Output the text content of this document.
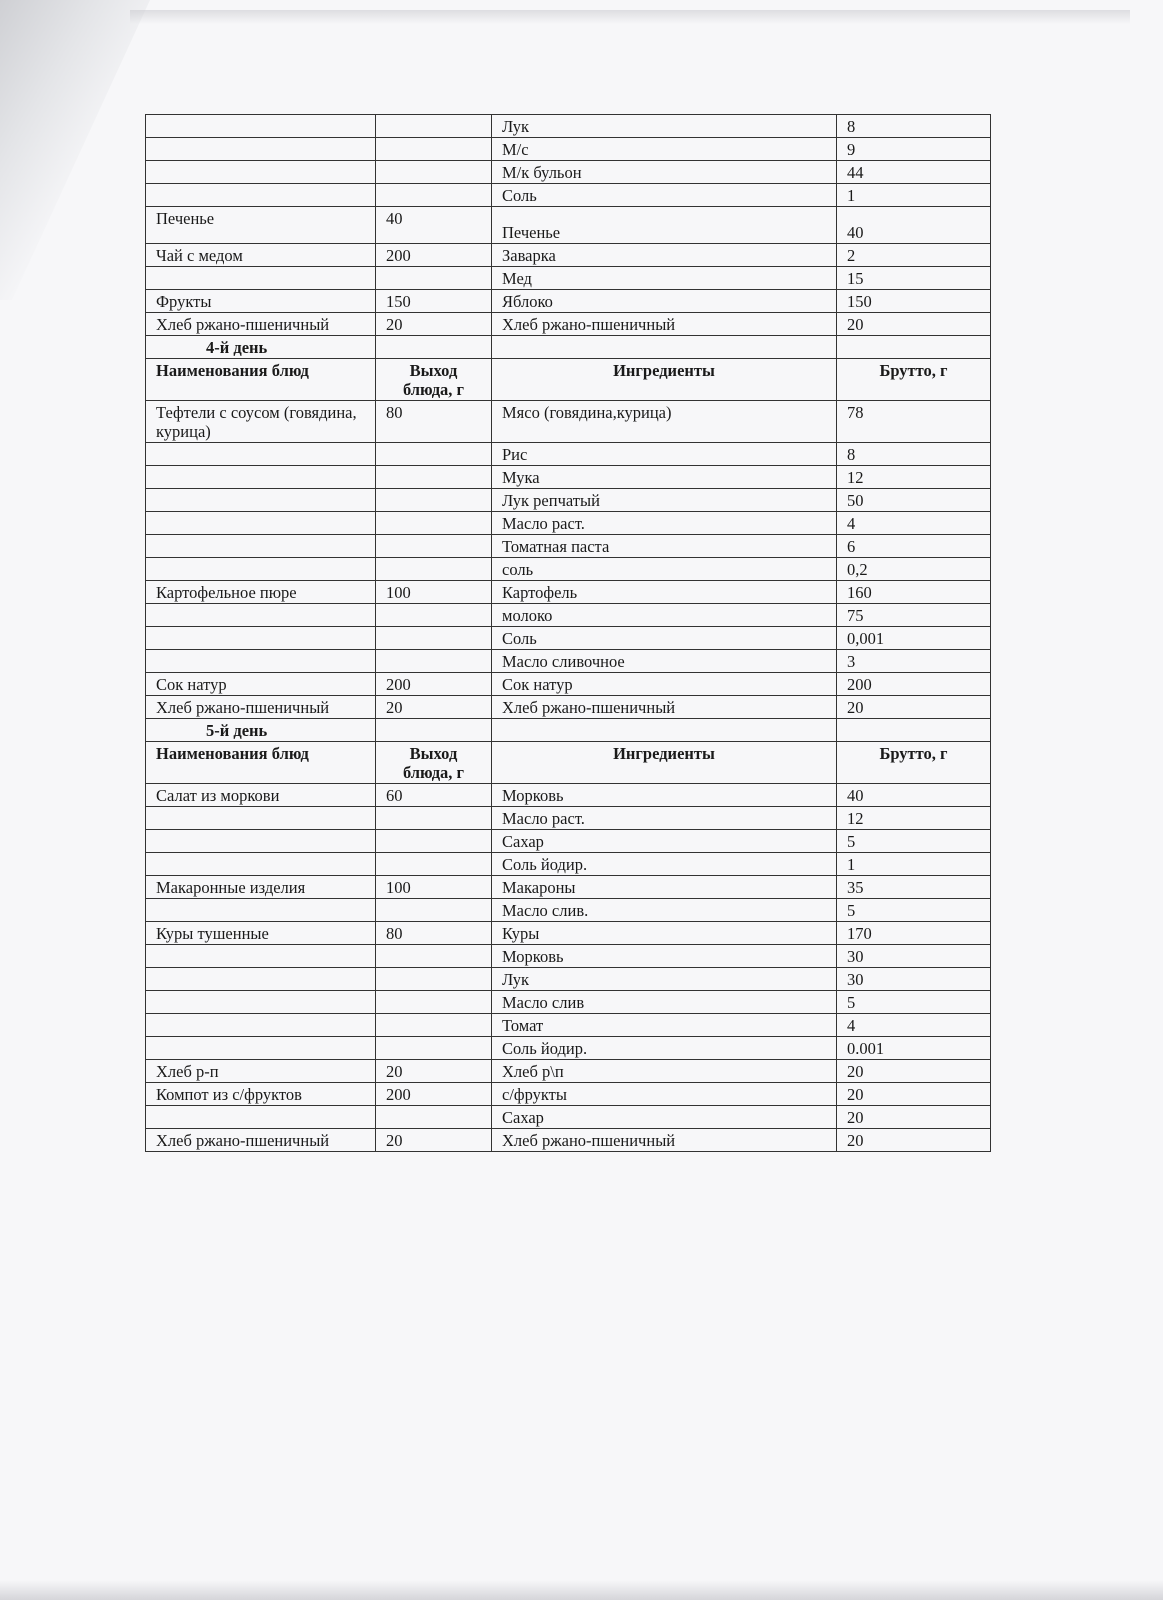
		Лук	8
		М/с	9
		М/к бульон	44
		Соль	1
Печенье	40	Печенье	40
Чай с медом	200	Заварка	2
		Мед	15
Фрукты	150	Яблоко	150
Хлеб ржано-пшеничный	20	Хлеб ржано-пшеничный	20
4-й день			
Наименования блюд	Выход блюда, г	Ингредиенты	Брутто, г
Тефтели с соусом (говядина, курица)	80	Мясо (говядина,курица)	78
		Рис	8
		Мука	12
		Лук репчатый	50
		Масло раст.	4
		Томатная паста	6
		соль	0,2
Картофельное пюре	100	Картофель	160
		молоко	75
		Соль	0,001
		Масло сливочное	3
Сок натур	200	Сок натур	200
Хлеб ржано-пшеничный	20	Хлеб ржано-пшеничный	20
5-й день			
Наименования блюд	Выход блюда, г	Ингредиенты	Брутто, г
Салат из моркови	60	Морковь	40
		Масло раст.	12
		Сахар	5
		Соль йодир.	1
Макаронные изделия	100	Макароны	35
		Масло слив.	5
Куры тушенные	80	Куры	170
		Морковь	30
		Лук	30
		Масло слив	5
		Томат	4
		Соль йодир.	0.001
Хлеб р-п	20	Хлеб р\п	20
Компот из с/фруктов	200	с/фрукты	20
		Сахар	20
Хлеб ржано-пшеничный	20	Хлеб ржано-пшеничный	20
